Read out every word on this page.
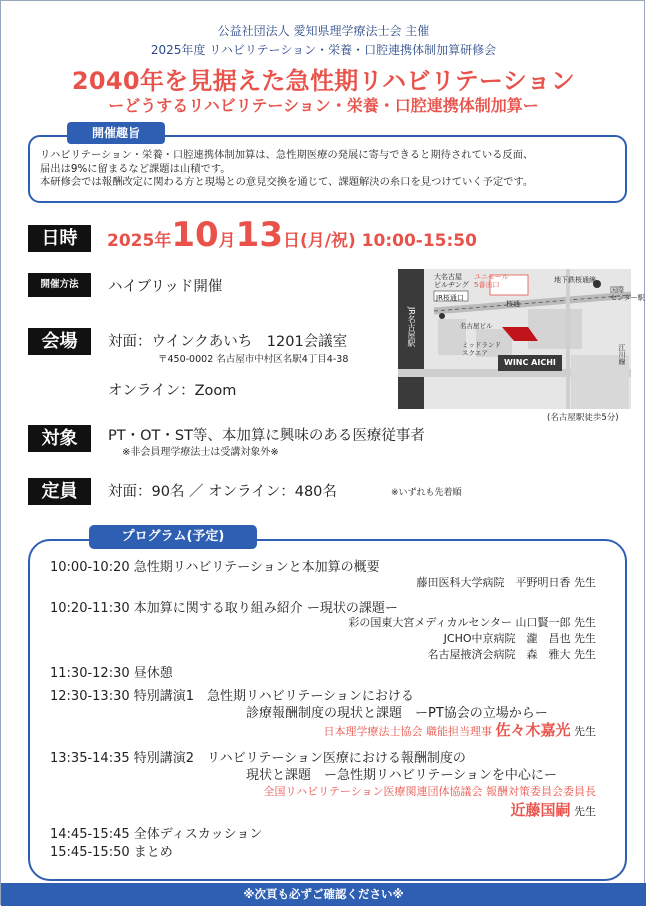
公益社団法人 愛知県理学療法士会 主催
2025年度 リハビリテーション・栄養・口腔連携体制加算研修会
2040年を見据えた急性期リハビリテーション
ーどうするリハビリテーション・栄養・口腔連携体制加算ー
リハビリテーション・栄養・口腔連携体制加算は、急性期医療の発展に寄与できると期待されている反面、
届出は9%に留まるなど課題は山積です。
本研修会では報酬改定に関わる方と現場との意見交換を通じて、課題解決の糸口を見つけていく予定です。
開催趣旨
日時	2025年10月13日(月/祝) 10:00-15:50
開催方法	ハイブリッド開催
会場	対面：ウインクあいち　1201会議室
〒450-0002 名古屋市中村区名駅4丁目4-38
オンライン：Zoom
大名古屋
ビルヂング
ユニモール
5番出口
JR桜通口
JR名古屋駅	名古屋ビル
ミッドランド
スクエア
地下鉄桜通線
桜通
国際
センター駅
江川線
WINC AICHI
(名古屋駅徒歩5分)
対象	PT・OT・ST等、本加算に興味のある医療従事者
※非会員理学療法士は受講対象外※
定員	対面：90名 ／ オンライン：480名	※いずれも先着順
プログラム(予定)
10:00-10:20 急性期リハビリテーションと本加算の概要
藤田医科大学病院　平野明日香 先生
10:20-11:30 本加算に関する取り組み紹介 ー現状の課題ー
彩の国東大宮メディカルセンター 山口賢一郎 先生
JCHO中京病院　瀧　昌也 先生
名古屋掖済会病院　森　雅大 先生
11:30-12:30 昼休憩
12:30-13:30 特別講演1　急性期リハビリテーションにおける
診療報酬制度の現状と課題　ーPT協会の立場からー
日本理学療法士協会 職能担当理事 佐々木嘉光 先生
13:35-14:35 特別講演2　リハビリテーション医療における報酬制度の
現状と課題　ー急性期リハビリテーションを中心にー
全国リハビリテーション医療関連団体協議会 報酬対策委員会委員長
近藤国嗣 先生
14:45-15:45 全体ディスカッション
15:45-15:50 まとめ
※次頁も必ずご確認ください※
